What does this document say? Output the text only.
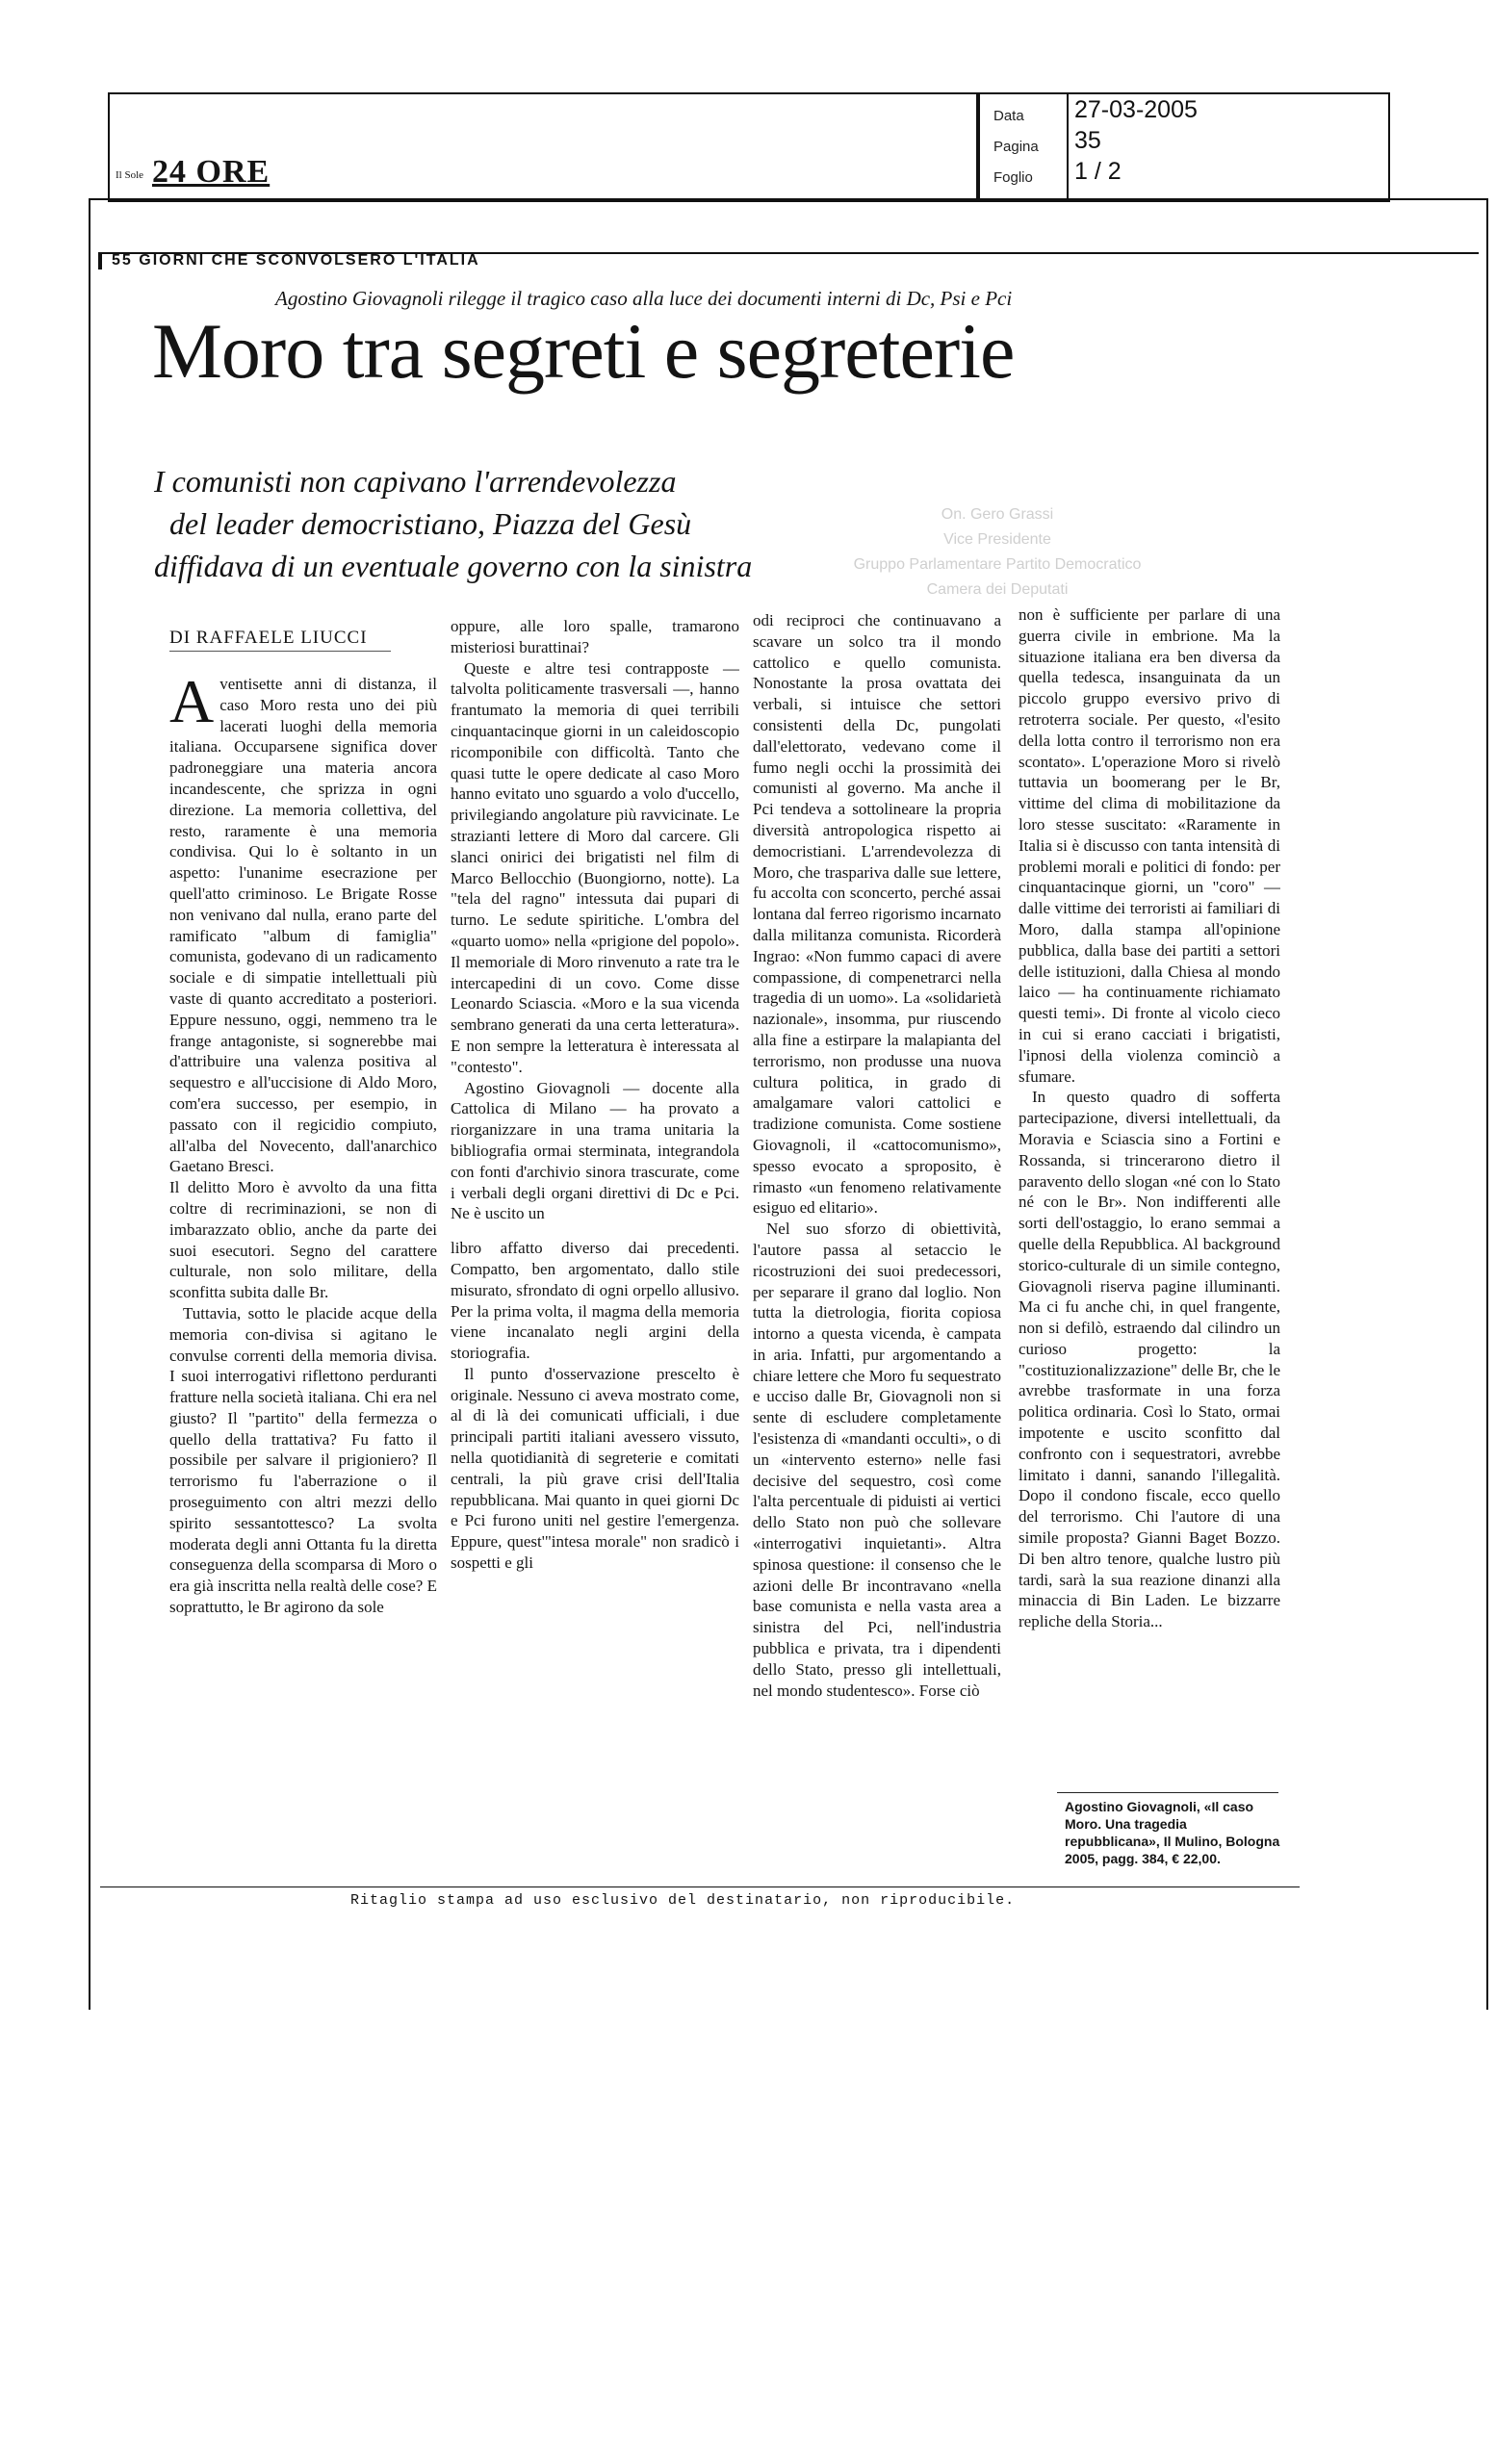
Il Sole 24 ORE
Data 27-03-2005
Pagina 35
Foglio 1 / 2
55 GIORNI CHE SCONVOLSERO L'ITALIA
Agostino Giovagnoli rilegge il tragico caso alla luce dei documenti interni di Dc, Psi e Pci
Moro tra segreti e segreterie
I comunisti non capivano l'arrendevolezza
del leader democristiano, Piazza del Gesù
diffidava di un eventuale governo con la sinistra
On. Gero Grassi
Vice Presidente
Gruppo Parlamentare Partito Democratico
Camera dei Deputati
DI RAFFAELE LIUCCI

Aventisette anni di distanza, il caso Moro resta uno dei più lacerati luoghi della memoria italiana. Occuparsene significa dover padroneggiare una materia ancora incandescente, che sprizza in ogni direzione. La memoria collettiva, del resto, raramente è una memoria condivisa. Qui lo è soltanto in un aspetto: l'unanime esecrazione per quell'atto criminoso. Le Brigate Rosse non venivano dal nulla, erano parte del ramificato "album di famiglia" comunista, godevano di un radicamento sociale e di simpatie intellettuali più vaste di quanto accreditato a posteriori. Eppure nessuno, oggi, nemmeno tra le frange antagoniste, si sognerebbe mai d'attribuire una valenza positiva al sequestro e all'uccisione di Aldo Moro, com'era successo, per esempio, in passato con il regicidio compiuto, all'alba del Novecento, dall'anarchico Gaetano Bresci.

Il delitto Moro è avvolto da una fitta coltre di recriminazioni, se non di imbarazzato oblio, anche da parte dei suoi esecutori. Segno del carattere culturale, non solo militare, della sconfitta subita dalle Br.

Tuttavia, sotto le placide acque della memoria con-divisa si agitano le convulse correnti della memoria divisa. I suoi interrogativi riflettono perduranti fratture nella società italiana. Chi era nel giusto? Il "partito" della fermezza o quello della trattativa? Fu fatto il possibile per salvare il prigioniero? Il terrorismo fu l'aberrazione o il proseguimento con altri mezzi dello spirito sessantottesco? La svolta moderata degli anni Ottanta fu la diretta conseguenza della scomparsa di Moro o era già inscritta nella realtà delle cose? E soprattutto, le Br agirono da sole

oppure, alle loro spalle, tramarono misteriosi burattinai?

Queste e altre tesi contrapposte — talvolta politicamente trasversali —, hanno frantumato la memoria di quei terribili cinquantacinque giorni in un caleidoscopio ricomponibile con difficoltà. Tanto che quasi tutte le opere dedicate al caso Moro hanno evitato uno sguardo a volo d'uccello, privilegiando angolature più ravvicinate. Le strazianti lettere di Moro dal carcere. Gli slanci onirici dei brigatisti nel film di Marco Bellocchio (Buongiorno, notte). La "tela del ragno" intessuta dai pupari di turno. Le sedute spiritiche. L'ombra del «quarto uomo» nella «prigione del popolo». Il memoriale di Moro rinvenuto a rate tra le intercapedini di un covo. Come disse Leonardo Sciascia. «Moro e la sua vicenda sembrano generati da una certa letteratura». E non sempre la letteratura è interessata al "contesto".

Agostino Giovagnoli — docente alla Cattolica di Milano — ha provato a riorganizzare in una trama unitaria la bibliografia ormai sterminata, integrandola con fonti d'archivio sinora trascurate, come i verbali degli organi direttivi di Dc e Pci. Ne è uscito un

libro affatto diverso dai precedenti. Compatto, ben argomentato, dallo stile misurato, sfrondato di ogni orpello allusivo. Per la prima volta, il magma della memoria viene incanalato negli argini della storiografia.

Il punto d'osservazione prescelto è originale. Nessuno ci aveva mostrato come, al di là dei comunicati ufficiali, i due principali partiti italiani avessero vissuto, nella quotidianità di segreterie e comitati centrali, la più grave crisi dell'Italia repubblicana. Mai quanto in quei giorni Dc e Pci furono uniti nel gestire l'emergenza. Eppure, quest'"intesa morale" non sradicò i sospetti e gli

odi reciproci che continuavano a scavare un solco tra il mondo cattolico e quello comunista. Nonostante la prosa ovattata dei verbali, si intuisce che settori consistenti della Dc, pungolati dall'elettorato, vedevano come il fumo negli occhi la prossimità dei comunisti al governo. Ma anche il Pci tendeva a sottolineare la propria diversità antropologica rispetto ai democristiani. L'arrendevolezza di Moro, che traspariva dalle sue lettere, fu accolta con sconcerto, perché assai lontana dal ferreo rigorismo incarnato dalla militanza comunista. Ricorderà Ingrao: «Non fummo capaci di avere compassione, di compenetrarci nella tragedia di un uomo». La «solidarietà nazionale», insomma, pur riuscendo alla fine a estirpare la malapianta del terrorismo, non produsse una nuova cultura politica, in grado di amalgamare valori cattolici e tradizione comunista. Come sostiene Giovagnoli, il «cattocomunismo», spesso evocato a sproposito, è rimasto «un fenomeno relativamente esiguo ed elitario».

Nel suo sforzo di obiettività, l'autore passa al setaccio le ricostruzioni dei suoi predecessori, per separare il grano dal loglio. Non tutta la dietrologia, fiorita copiosa intorno a questa vicenda, è campata in aria. Infatti, pur argomentando a chiare lettere che Moro fu sequestrato e ucciso dalle Br, Giovagnoli non si sente di escludere completamente l'esistenza di «mandanti occulti», o di un «intervento esterno» nelle fasi decisive del sequestro, così come l'alta percentuale di piduisti ai vertici dello Stato non può che sollevare «interrogativi inquietanti». Altra spinosa questione: il consenso che le azioni delle Br incontravano «nella base comunista e nella vasta area a sinistra del Pci, nell'industria pubblica e privata, tra i dipendenti dello Stato, presso gli intellettuali, nel mondo studentesco». Forse ciò

non è sufficiente per parlare di una guerra civile in embrione. Ma la situazione italiana era ben diversa da quella tedesca, insanguinata da un piccolo gruppo eversivo privo di retroterra sociale. Per questo, «l'esito della lotta contro il terrorismo non era scontato». L'operazione Moro si rivelò tuttavia un boomerang per le Br, vittime del clima di mobilitazione da loro stesse suscitato: «Raramente in Italia si è discusso con tanta intensità di problemi morali e politici di fondo: per cinquantacinque giorni, un "coro" — dalle vittime dei terroristi ai familiari di Moro, dalla stampa all'opinione pubblica, dalla base dei partiti a settori delle istituzioni, dalla Chiesa al mondo laico — ha continuamente richiamato questi temi». Di fronte al vicolo cieco in cui si erano cacciati i brigatisti, l'ipnosi della violenza cominciò a sfumare.

In questo quadro di sofferta partecipazione, diversi intellettuali, da Moravia e Sciascia sino a Fortini e Rossanda, si trincerarono dietro il paravento dello slogan «né con lo Stato né con le Br». Non indifferenti alle sorti dell'ostaggio, lo erano semmai a quelle della Repubblica. Al background storico-culturale di un simile contegno, Giovagnoli riserva pagine illuminanti. Ma ci fu anche chi, in quel frangente, non si defilò, estraendo dal cilindro un curioso progetto: la "costituzionalizzazione" delle Br, che le avrebbe trasformate in una forza politica ordinaria. Così lo Stato, ormai impotente e uscito sconfitto dal confronto con i sequestratori, avrebbe limitato i danni, sanando l'illegalità. Dopo il condono fiscale, ecco quello del terrorismo. Chi l'autore di una simile proposta? Gianni Baget Bozzo. Di ben altro tenore, qualche lustro più tardi, sarà la sua reazione dinanzi alla minaccia di Bin Laden. Le bizzarre repliche della Storia...

Agostino Giovagnoli, «Il caso Moro. Una tragedia repubblicana», Il Mulino, Bologna 2005, pagg. 384, € 22,00.
Ritaglio stampa ad uso esclusivo del destinatario, non riproducibile.
